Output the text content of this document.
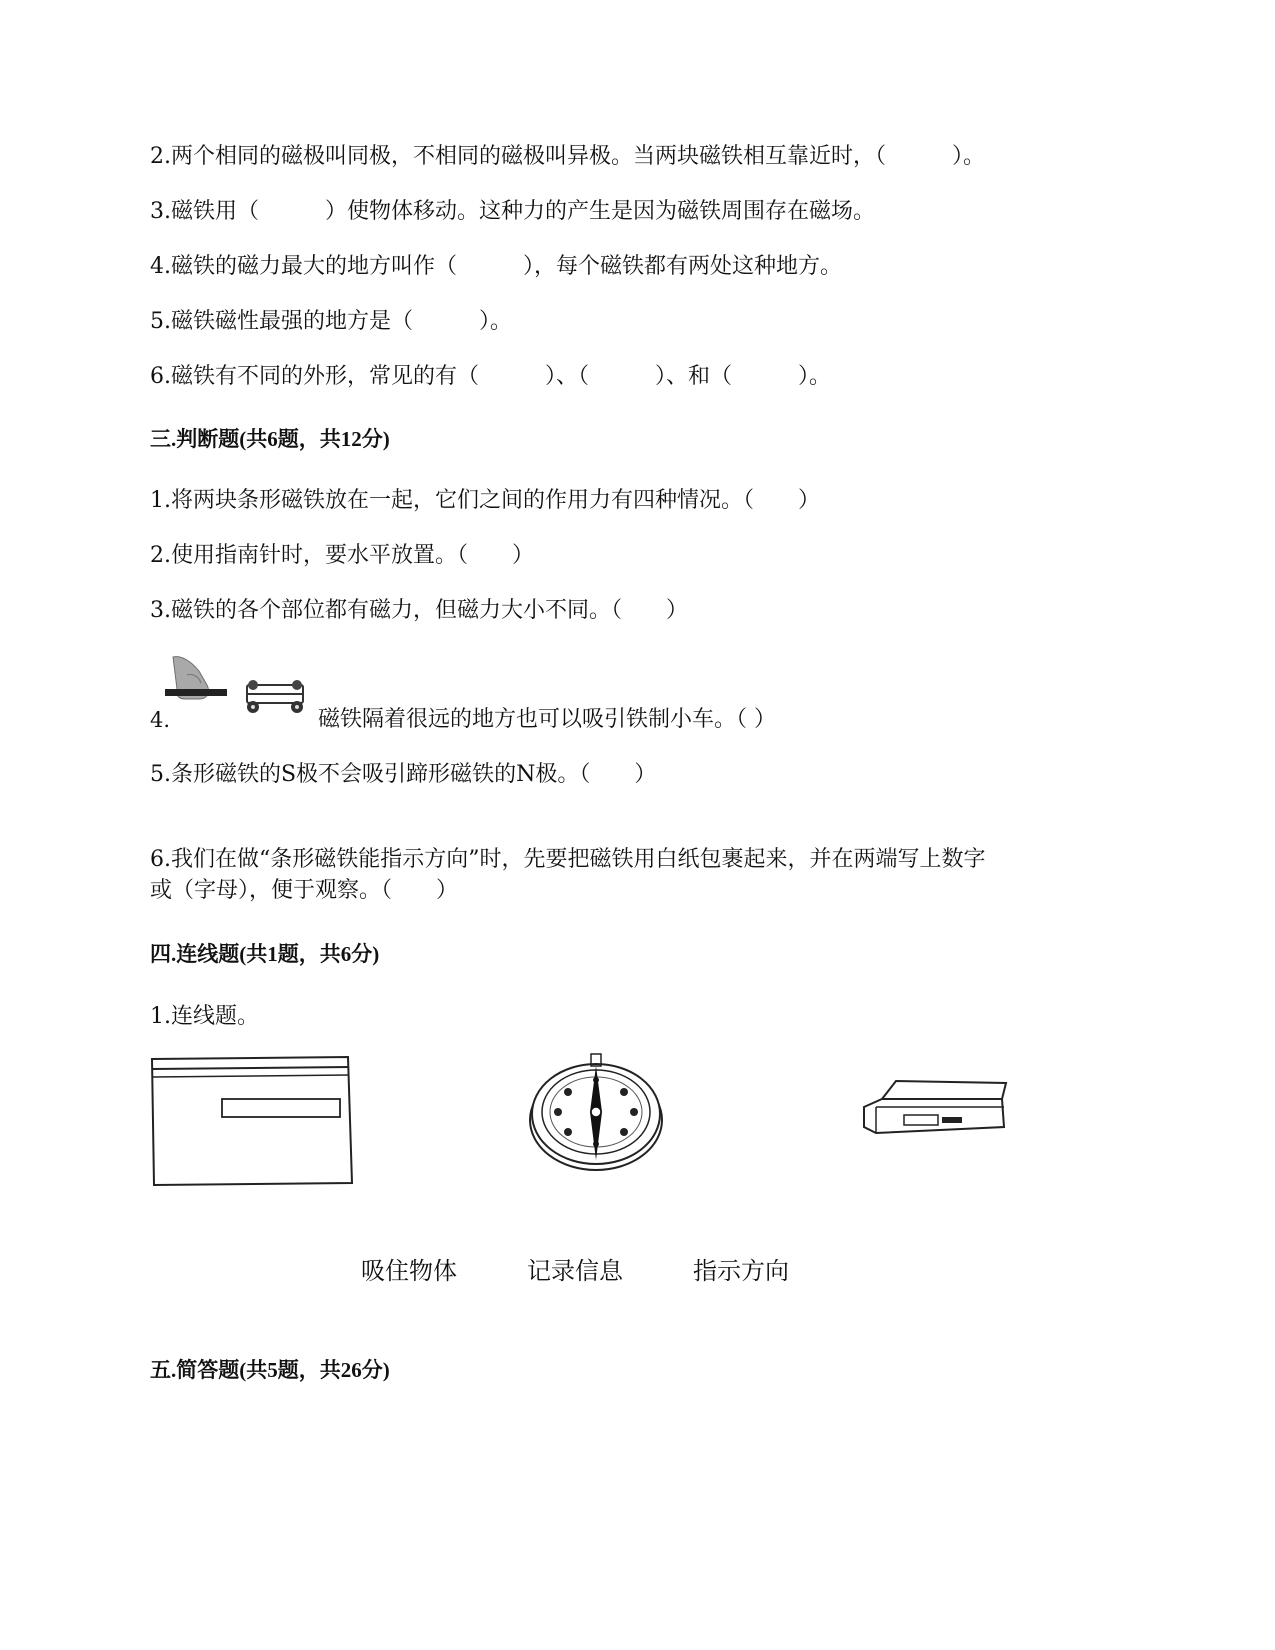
2.两个相同的磁极叫同极，不相同的磁极叫异极。当两块磁铁相互靠近时，（　　　）。
3.磁铁用（　　　）使物体移动。这种力的产生是因为磁铁周围存在磁场。
4.磁铁的磁力最大的地方叫作（　　　），每个磁铁都有两处这种地方。
5.磁铁磁性最强的地方是（　　　）。
6.磁铁有不同的外形，常见的有（　　　）、（　　　）、和（　　　）。
三.判断题(共6题，共12分)
1.将两块条形磁铁放在一起，它们之间的作用力有四种情况。（　　）
2.使用指南针时，要水平放置。（　　）
3.磁铁的各个部位都有磁力，但磁力大小不同。（　　）
4.	磁铁隔着很远的地方也可以吸引铁制小车。（ ）
5.条形磁铁的S极不会吸引蹄形磁铁的N极。（　　）
6.我们在做“条形磁铁能指示方向”时，先要把磁铁用白纸包裹起来，并在两端写上数字
或（字母），便于观察。（　　）
四.连线题(共1题，共6分)
1.连线题。
吸住物体	记录信息	指示方向
五.简答题(共5题，共26分)
